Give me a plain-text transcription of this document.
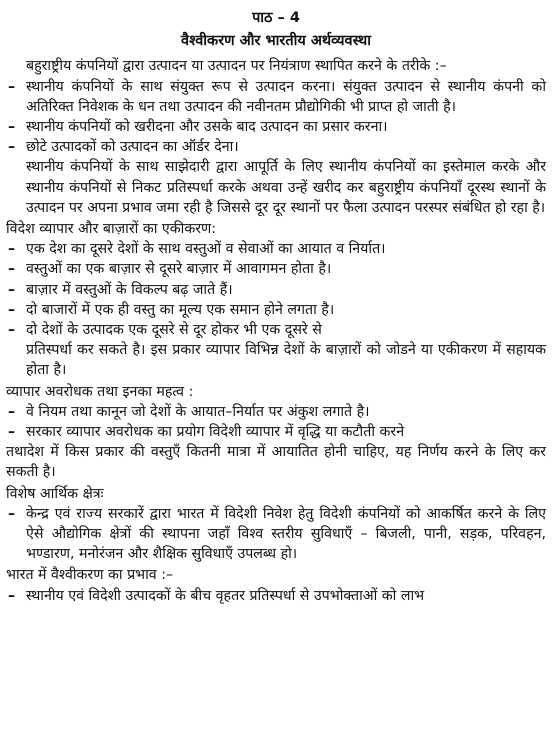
पाठ – 4

वैश्वीकरण और भारतीय अर्थव्यवस्था

बहुराष्ट्रीय कंपनियों द्वारा उत्पादन या उत्पादन पर नियंत्राण स्थापित करने के तरीके :–

– स्थानीय कंपनियों के साथ संयुक्त रूप से उत्पादन करना। संयुक्त उत्पादन से स्थानीय कंपनी को अतिरिक्त निवेशक के धन तथा उत्पादन की नवीनतम प्रौद्योगिकी भी प्राप्त हो जाती है।

– स्थानीय कंपनियों को खरीदना और उसके बाद उत्पादन का प्रसार करना।

– छोटे उत्पादकों को उत्पादन का ऑर्डर देना।

स्थानीय कंपनियों के साथ साझेदारी द्वारा आपूर्ति के लिए स्थानीय कंपनियों का इस्तेमाल करके और स्थानीय कंपनियों से निकट प्रतिस्पर्धा करके अथवा उन्हें खरीद कर बहुराष्ट्रीय कंपनियाँ दूरस्थ स्थानों के उत्पादन पर अपना प्रभाव जमा रही है जिससे दूर दूर स्थानों पर फैला उत्पादन परस्पर संबंधित हो रहा है।

विदेश व्यापार और बाज़ारों का एकीकरण:

– एक देश का दूसरे देशों के साथ वस्तुओं व सेवाओं का आयात व निर्यात।

– वस्तुओं का एक बाज़ार से दूसरे बाज़ार में आवागमन होता है।

– बाज़ार में वस्तुओं के विकल्प बढ़ जाते हैं।

– दो बाजारों में एक ही वस्तु का मूल्य एक समान होने लगता है।

– दो देशों के उत्पादक एक दूसरे से दूर होकर भी एक दूसरे से

प्रतिस्पर्धा कर सकते है। इस प्रकार व्यापार विभिन्न देशों के बाज़ारों को जोडने या एकीकरण में सहायक होता है।

व्यापार अवरोधक तथा इनका महत्व :

– वे नियम तथा कानून जो देशों के आयात–निर्यात पर अंकुश लगाते है।

– सरकार व्यापार अवरोधक का प्रयोग विदेशी व्यापार में वृद्धि या कटौती करने

तथादेश में किस प्रकार की वस्तुएँ कितनी मात्रा में आयातित होनी चाहिए, यह निर्णय करने के लिए कर सकती है।

विशेष आर्थिक क्षेत्रः

– केन्द्र एवं राज्य सरकारें द्वारा भारत में विदेशी निवेश हेतु विदेशी कंपनियों को आकर्षित करने के लिए ऐसे औद्योगिक क्षेत्रों की स्थापना जहाँ विश्व स्तरीय सुविधाएँ – बिजली, पानी, सड़क, परिवहन, भण्डारण, मनोरंजन और शैक्षिक सुविधाएँ उपलब्ध हो।

भारत में वैश्वीकरण का प्रभाव :–

– स्थानीय एवं विदेशी उत्पादकों के बीच वृहतर प्रतिस्पर्धा से उपभोक्ताओं को लाभ
